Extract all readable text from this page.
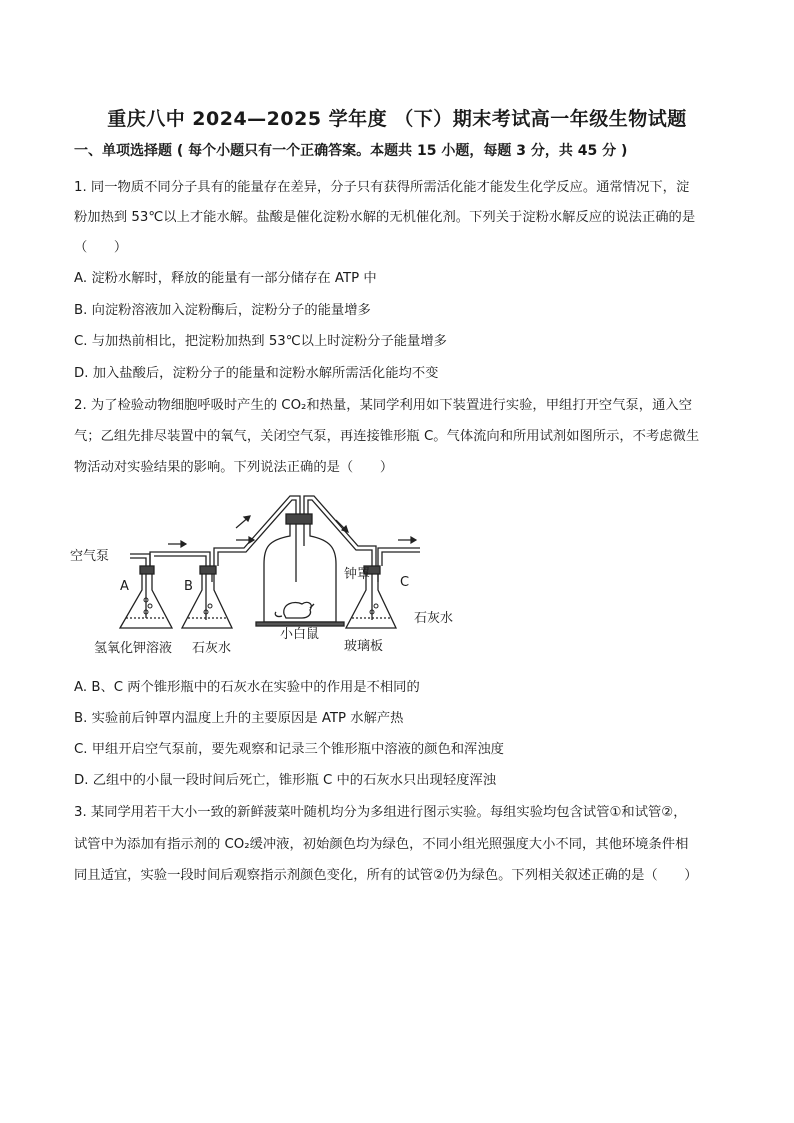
重庆八中 2024—2025 学年度 （下）期末考试高一年级生物试题
一、单项选择题 ( 每个小题只有一个正确答案。本题共 15 小题，每题 3 分，共 45 分 )
1. 同一物质不同分子具有的能量存在差异，分子只有获得所需活化能才能发生化学反应。通常情况下，淀
粉加热到 53℃以上才能水解。盐酸是催化淀粉水解的无机催化剂。下列关于淀粉水解反应的说法正确的是
（　　）
A. 淀粉水解时，释放的能量有一部分储存在 ATP 中
B. 向淀粉溶液加入淀粉酶后，淀粉分子的能量增多
C. 与加热前相比，把淀粉加热到 53℃以上时淀粉分子能量增多
D. 加入盐酸后，淀粉分子的能量和淀粉水解所需活化能均不变
2. 为了检验动物细胞呼吸时产生的 CO₂和热量，某同学利用如下装置进行实验，甲组打开空气泵，通入空
气；乙组先排尽装置中的氧气，关闭空气泵，再连接锥形瓶 C。气体流向和所用试剂如图所示，不考虑微生
物活动对实验结果的影响。下列说法正确的是（　　）
空气泵
A	B	C
钟罩
石灰水
氢氧化钾溶液 石灰水
小白鼠
玻璃板
A. B、C 两个锥形瓶中的石灰水在实验中的作用是不相同的
B. 实验前后钟罩内温度上升的主要原因是 ATP 水解产热
C. 甲组开启空气泵前，要先观察和记录三个锥形瓶中溶液的颜色和浑浊度
D. 乙组中的小鼠一段时间后死亡，锥形瓶 C 中的石灰水只出现轻度浑浊
3. 某同学用若干大小一致的新鲜菠菜叶随机均分为多组进行图示实验。每组实验均包含试管①和试管②，
试管中为添加有指示剂的 CO₂缓冲液，初始颜色均为绿色，不同小组光照强度大小不同，其他环境条件相
同且适宜，实验一段时间后观察指示剂颜色变化，所有的试管②仍为绿色。下列相关叙述正确的是（　　）
